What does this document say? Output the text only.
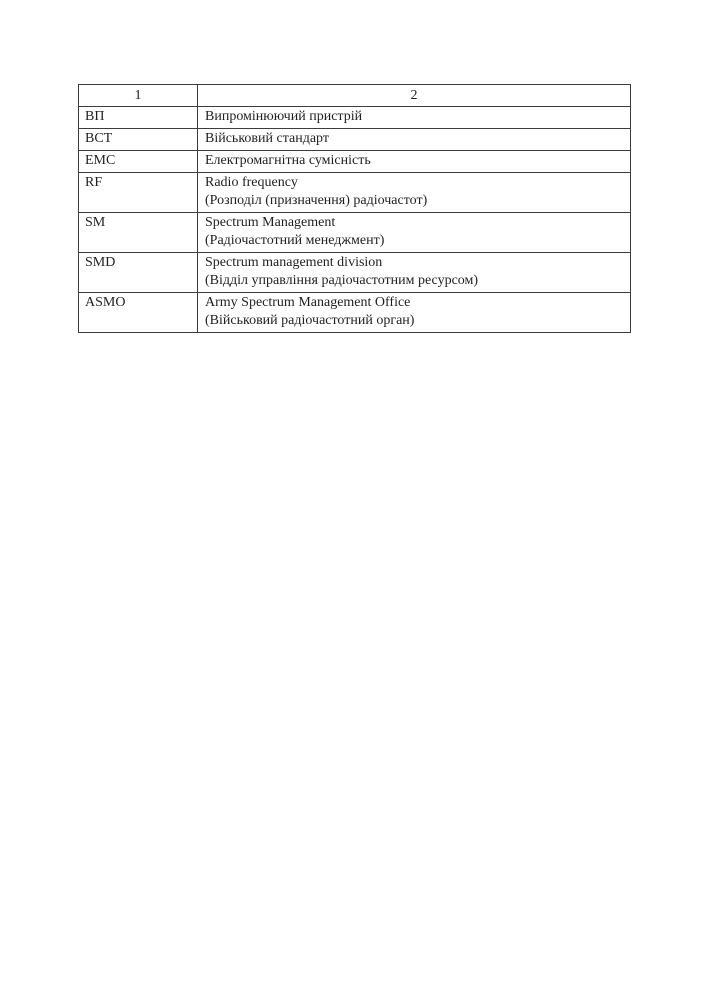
1	2
ВП	Випромінюючий пристрій

ВСТ	Військовий стандарт

ЕМС	Електромагнітна сумісність

RF	Radio frequency
(Розподіл (призначення) радіочастот)

SM	Spectrum Management
(Радіочастотний менеджмент)

SMD	Spectrum management division
(Відділ управління радіочастотним ресурсом)

ASMO	Army Spectrum Management Office
(Військовий радіочастотний орган)
